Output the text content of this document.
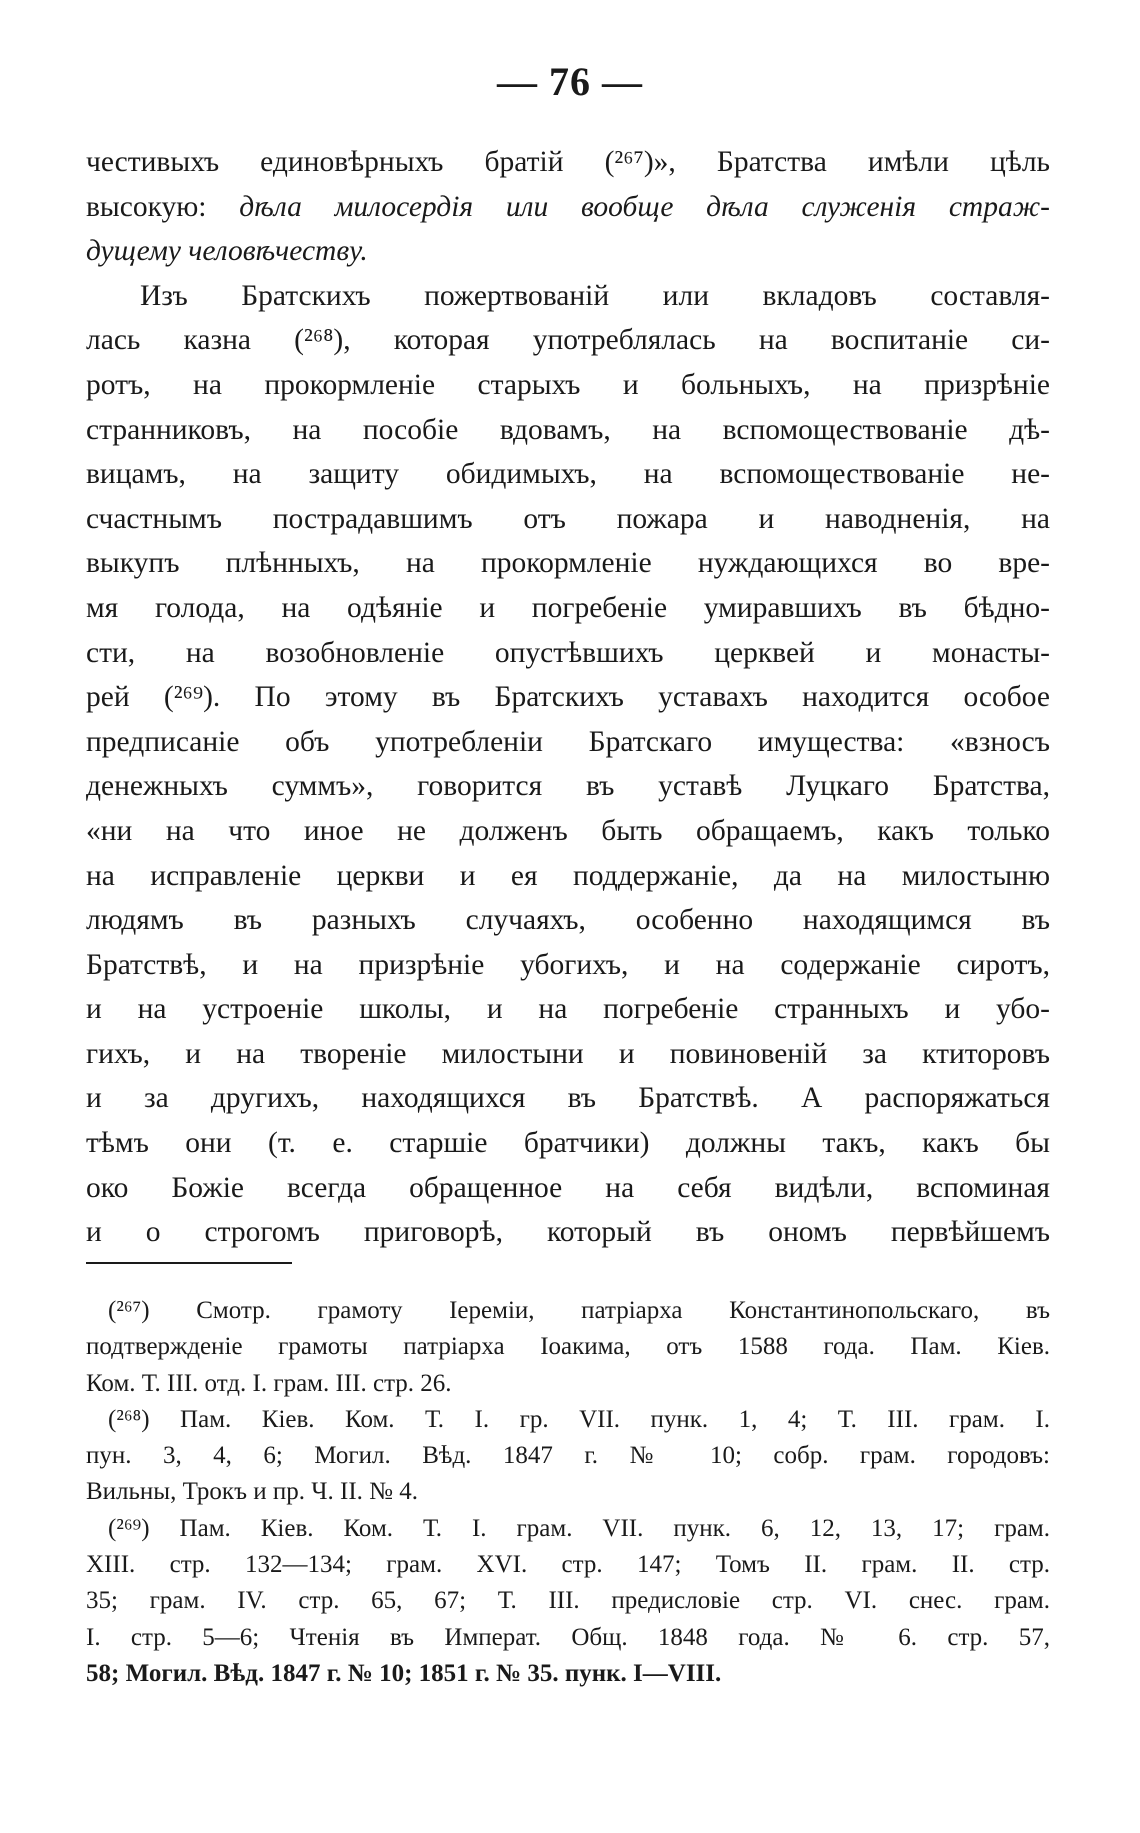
— 76 —
честивыхъ единовѣрныхъ братій (²⁶⁷)», Братства имѣли цѣль
высокую: дѣла милосердія или вообще дѣла служенія страж-
дущему человѣчеству.
Изъ Братскихъ пожертвованій или вкладовъ составля-
лась казна (²⁶⁸), которая употреблялась на воспитаніе си-
ротъ, на прокормленіе старыхъ и больныхъ, на призрѣніе
странниковъ, на пособіе вдовамъ, на вспомоществованіе дѣ-
вицамъ, на защиту обидимыхъ, на вспомоществованіе не-
счастнымъ пострадавшимъ отъ пожара и наводненія, на
выкупъ плѣнныхъ, на прокормленіе нуждающихся во вре-
мя голода, на одѣяніе и погребеніе умиравшихъ въ бѣдно-
сти, на возобновленіе опустѣвшихъ церквей и монасты-
рей (²⁶⁹). По этому въ Братскихъ уставахъ находится особое
предписаніе объ употребленіи Братскаго имущества: «взносъ
денежныхъ суммъ», говорится въ уставѣ Луцкаго Братства,
«ни на что иное не долженъ быть обращаемъ, какъ только
на исправленіе церкви и ея поддержаніе, да на милостыню
людямъ въ разныхъ случаяхъ, особенно находящимся въ
Братствѣ, и на призрѣніе убогихъ, и на содержаніе сиротъ,
и на устроеніе школы, и на погребеніе странныхъ и убо-
гихъ, и на твореніе милостыни и повиновеній за ктиторовъ
и за другихъ, находящихся въ Братствѣ. А распоряжаться
тѣмъ они (т. е. старшіе братчики) должны такъ, какъ бы
око Божіе всегда обращенное на себя видѣли, вспоминая
и о строгомъ приговорѣ, который въ ономъ первѣйшемъ
(²⁶⁷) Смотр. грамоту Іереміи, патріарха Константинопольскаго, въ
подтвержденіе грамоты патріарха Іоакима, отъ 1588 года. Пам. Кіев.
Ком. Т. III. отд. I. грам. III. стр. 26.
(²⁶⁸) Пам. Кіев. Ком. Т. I. гр. VII. пунк. 1, 4; Т. III. грам. I.
пун. 3, 4, 6; Могил. Вѣд. 1847 г. № 10; собр. грам. городовъ:
Вильны, Трокъ и пр. Ч. II. № 4.
(²⁶⁹) Пам. Кіев. Ком. Т. I. грам. VII. пунк. 6, 12, 13, 17; грам.
XIII. стр. 132—134; грам. XVI. стр. 147; Томъ II. грам. II. стр.
35; грам. IV. стр. 65, 67; Т. III. предисловіе стр. VI. снес. грам.
I. стр. 5—6; Чтенія въ Императ. Общ. 1848 года. № 6. стр. 57,
58; Могил. Вѣд. 1847 г. № 10; 1851 г. № 35. пунк. I—VIII.
